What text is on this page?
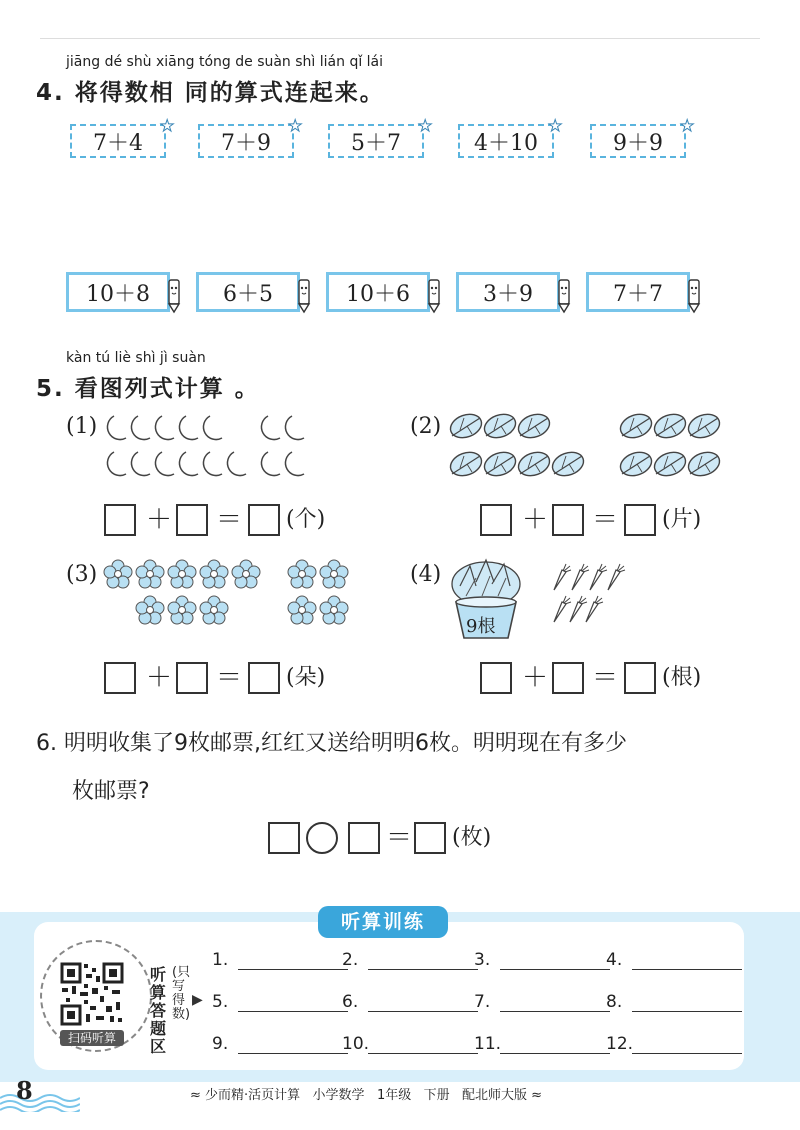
jiāng dé shù xiāng tóng de suàn shì lián qǐ lái
4. 将得数相 同的算式连起来。
7＋4
★
7＋9
★
5＋7
★
4＋10
★
9＋9
★
10＋8	6＋5	10＋6	3＋9	7＋7
kàn tú liè shì jì suàn
5. 看图列式计算 。
(1)	(2)
(3)	(4)
9根
＋ ＝ (个)	＋ ＝ (片)
＋ ＝ (朵)	＋ ＝ (根)
6. 明明收集了9枚邮票,红红又送给明明6枚。明明现在有多少
枚邮票?
＝ (枚)
听算训练
扫码听算
听算答题区
(只写得数)
▶
1.	2.	3.	4.
5.	6.	7.	8.
9.	10.	11.	12.
8	≈ 少而精·活页计算   小学数学   1年级   下册   配北师大版 ≈
